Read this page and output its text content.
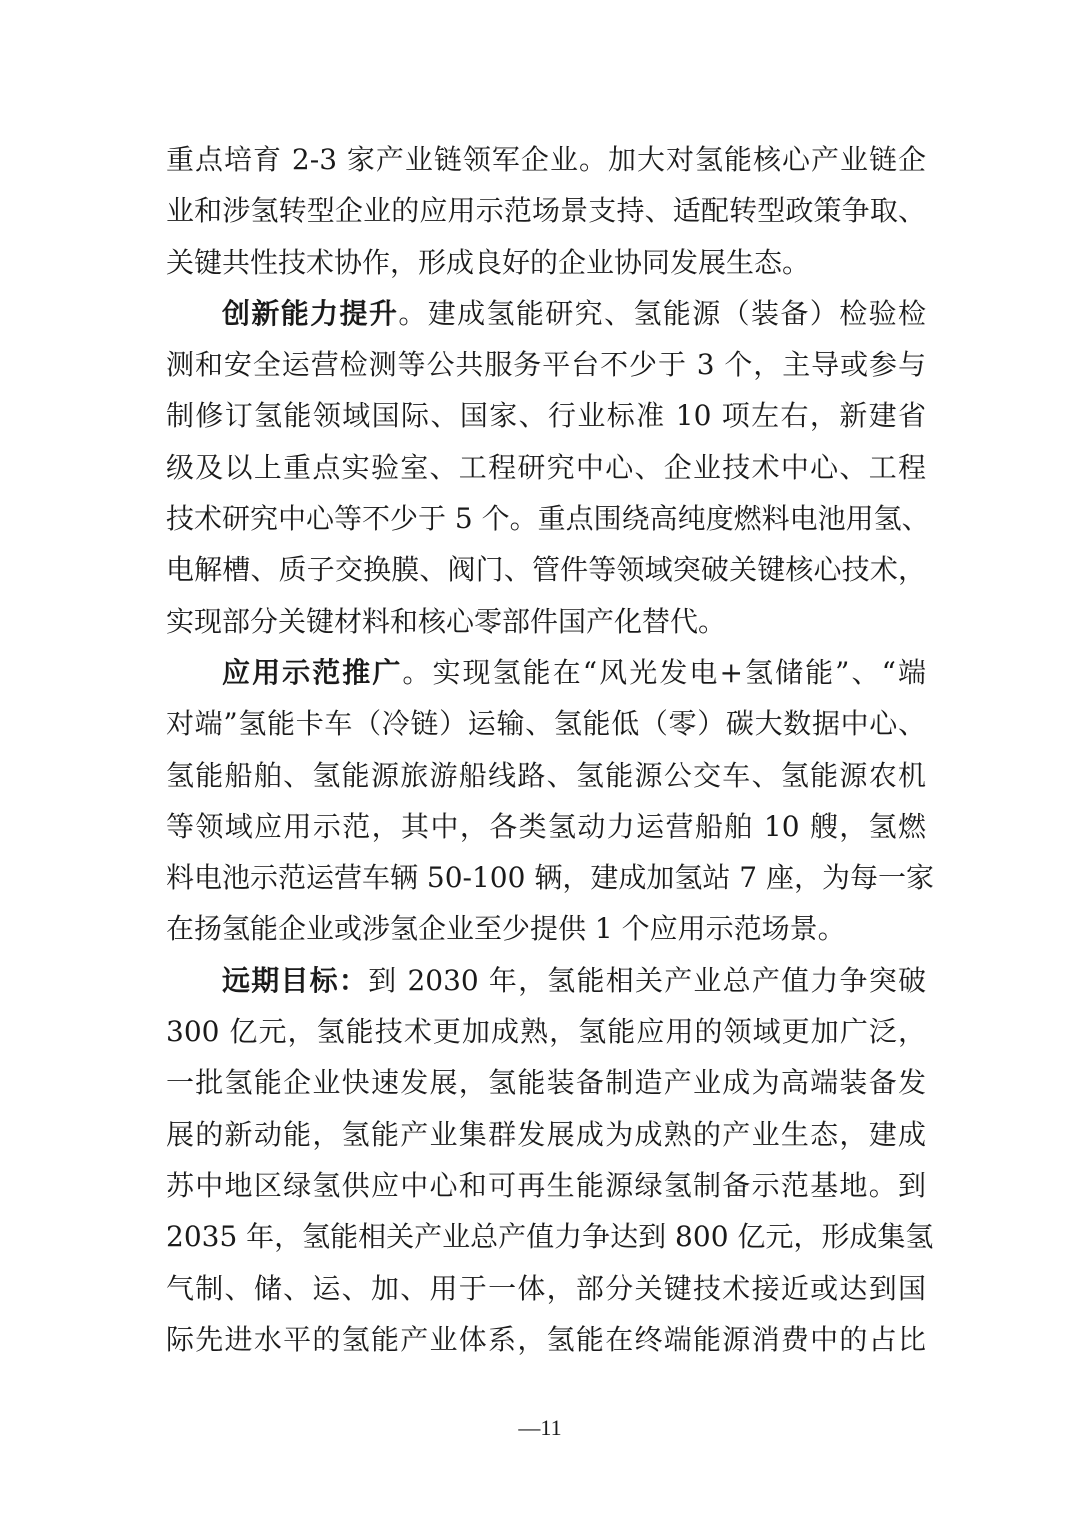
重点培育 2-3 家产业链领军企业。加大对氢能核心产业链企
业和涉氢转型企业的应用示范场景支持、适配转型政策争取、
关键共性技术协作，形成良好的企业协同发展生态。
创新能力提升。建成氢能研究、氢能源（装备）检验检
测和安全运营检测等公共服务平台不少于 3 个，主导或参与
制修订氢能领域国际、国家、行业标准 10 项左右，新建省
级及以上重点实验室、工程研究中心、企业技术中心、工程
技术研究中心等不少于 5 个。重点围绕高纯度燃料电池用氢、
电解槽、质子交换膜、阀门、管件等领域突破关键核心技术，
实现部分关键材料和核心零部件国产化替代。
应用示范推广。实现氢能在“风光发电+氢储能”、“端
对端”氢能卡车（冷链）运输、氢能低（零）碳大数据中心、
氢能船舶、氢能源旅游船线路、氢能源公交车、氢能源农机
等领域应用示范，其中，各类氢动力运营船舶 10 艘，氢燃
料电池示范运营车辆 50-100 辆，建成加氢站 7 座，为每一家
在扬氢能企业或涉氢企业至少提供 1 个应用示范场景。
远期目标：到 2030 年，氢能相关产业总产值力争突破
300 亿元，氢能技术更加成熟，氢能应用的领域更加广泛，
一批氢能企业快速发展，氢能装备制造产业成为高端装备发
展的新动能，氢能产业集群发展成为成熟的产业生态，建成
苏中地区绿氢供应中心和可再生能源绿氢制备示范基地。到
2035 年，氢能相关产业总产值力争达到 800 亿元，形成集氢
气制、储、运、加、用于一体，部分关键技术接近或达到国
际先进水平的氢能产业体系，氢能在终端能源消费中的占比
—11
